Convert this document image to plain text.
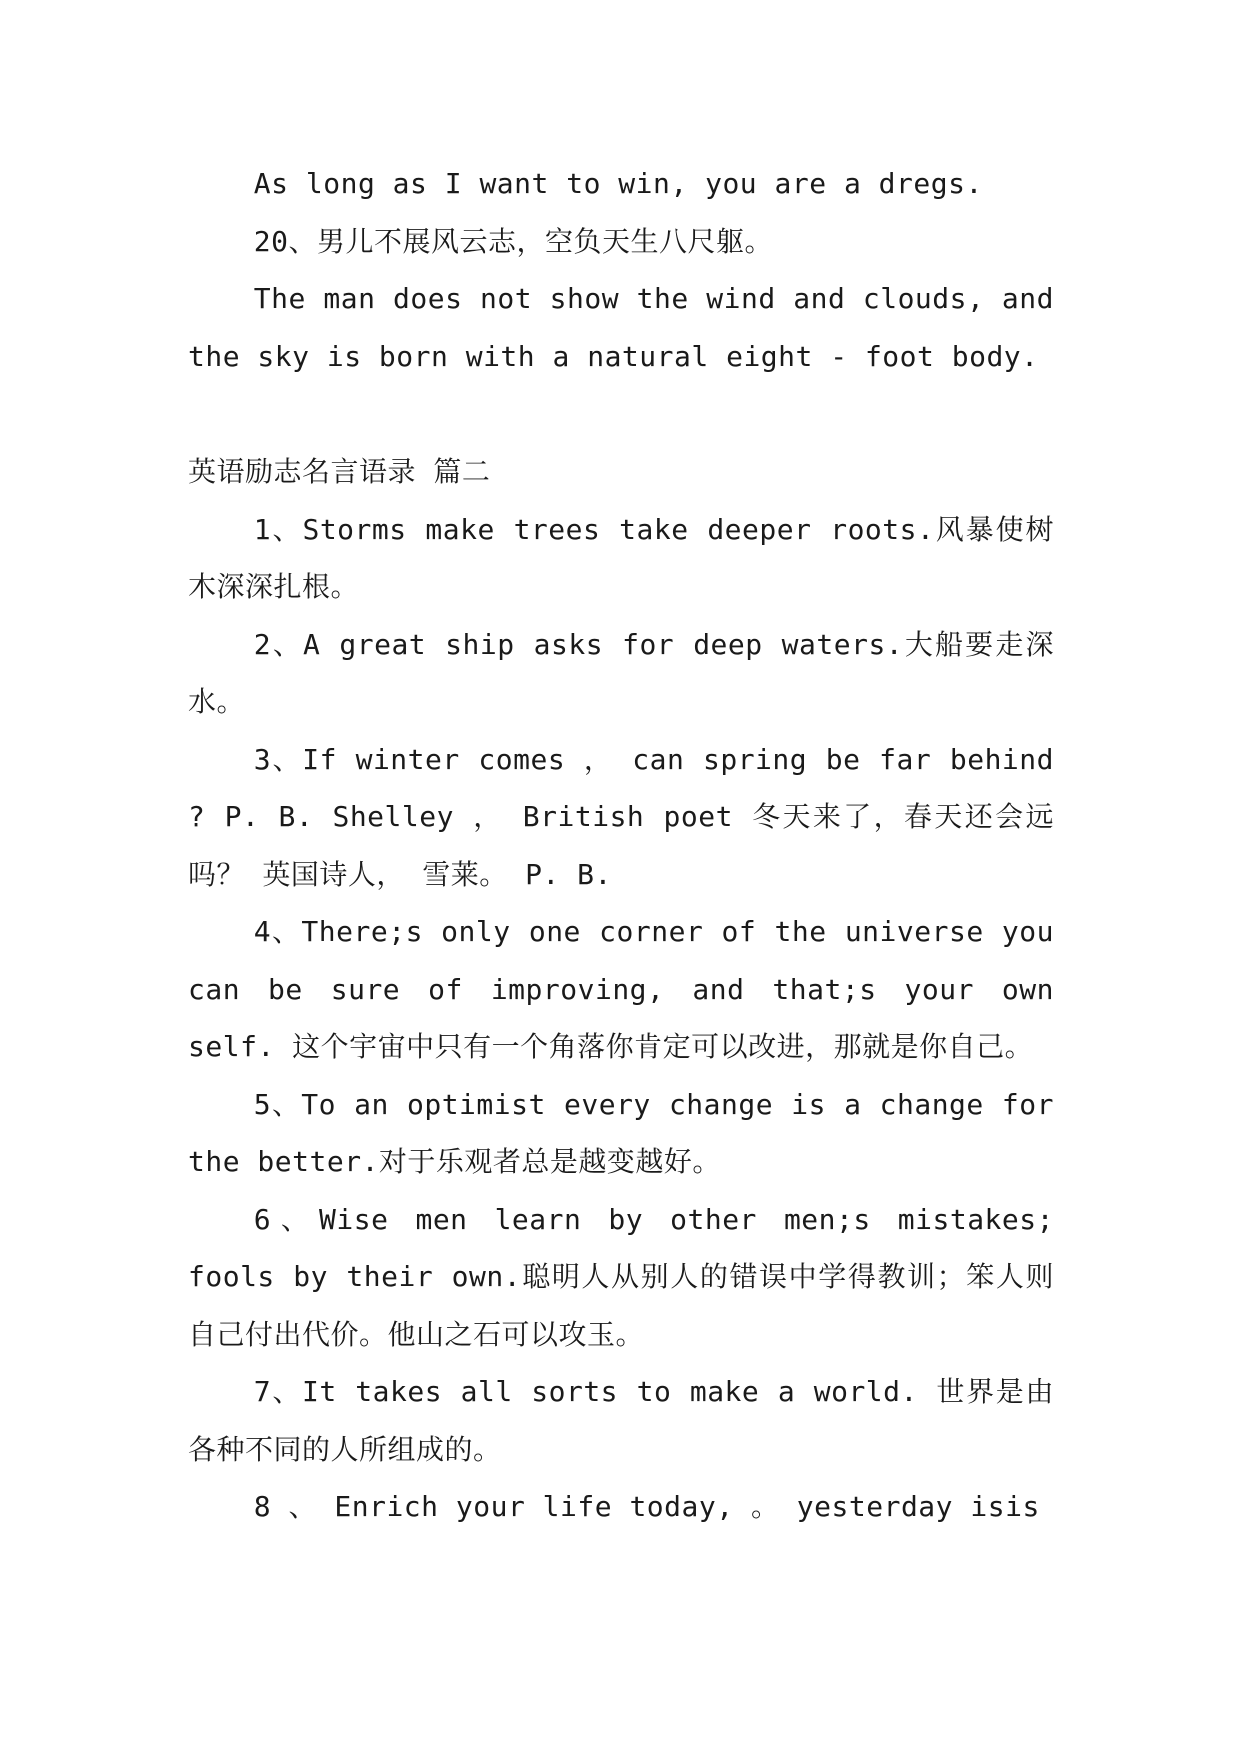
As long as I want to win, you are a dregs.

20、男儿不展风云志，空负天生八尺躯。

The man does not show the wind and clouds, and the sky is born with a natural eight - foot body.

英语励志名言语录 篇二

1、Storms make trees take deeper roots.风暴使树木深深扎根。

2、A great ship asks for deep waters.大船要走深水。

3、If winter comes ， can spring be far behind ? P. B. Shelley ， British poet 冬天来了，春天还会远吗？ 英国诗人， 雪莱。 P. B.

4、There;s only one corner of the universe you can be sure of improving, and that;s your own self. 这个宇宙中只有一个角落你肯定可以改进，那就是你自己。

5、To an optimist every change is a change for the better.对于乐观者总是越变越好。

6、Wise men learn by other men;s mistakes; fools by their own.聪明人从别人的错误中学得教训；笨人则自己付出代价。他山之石可以攻玉。

7、It takes all sorts to make a world. 世界是由各种不同的人所组成的。

8 、 Enrich your life today, 。 yesterday isis
